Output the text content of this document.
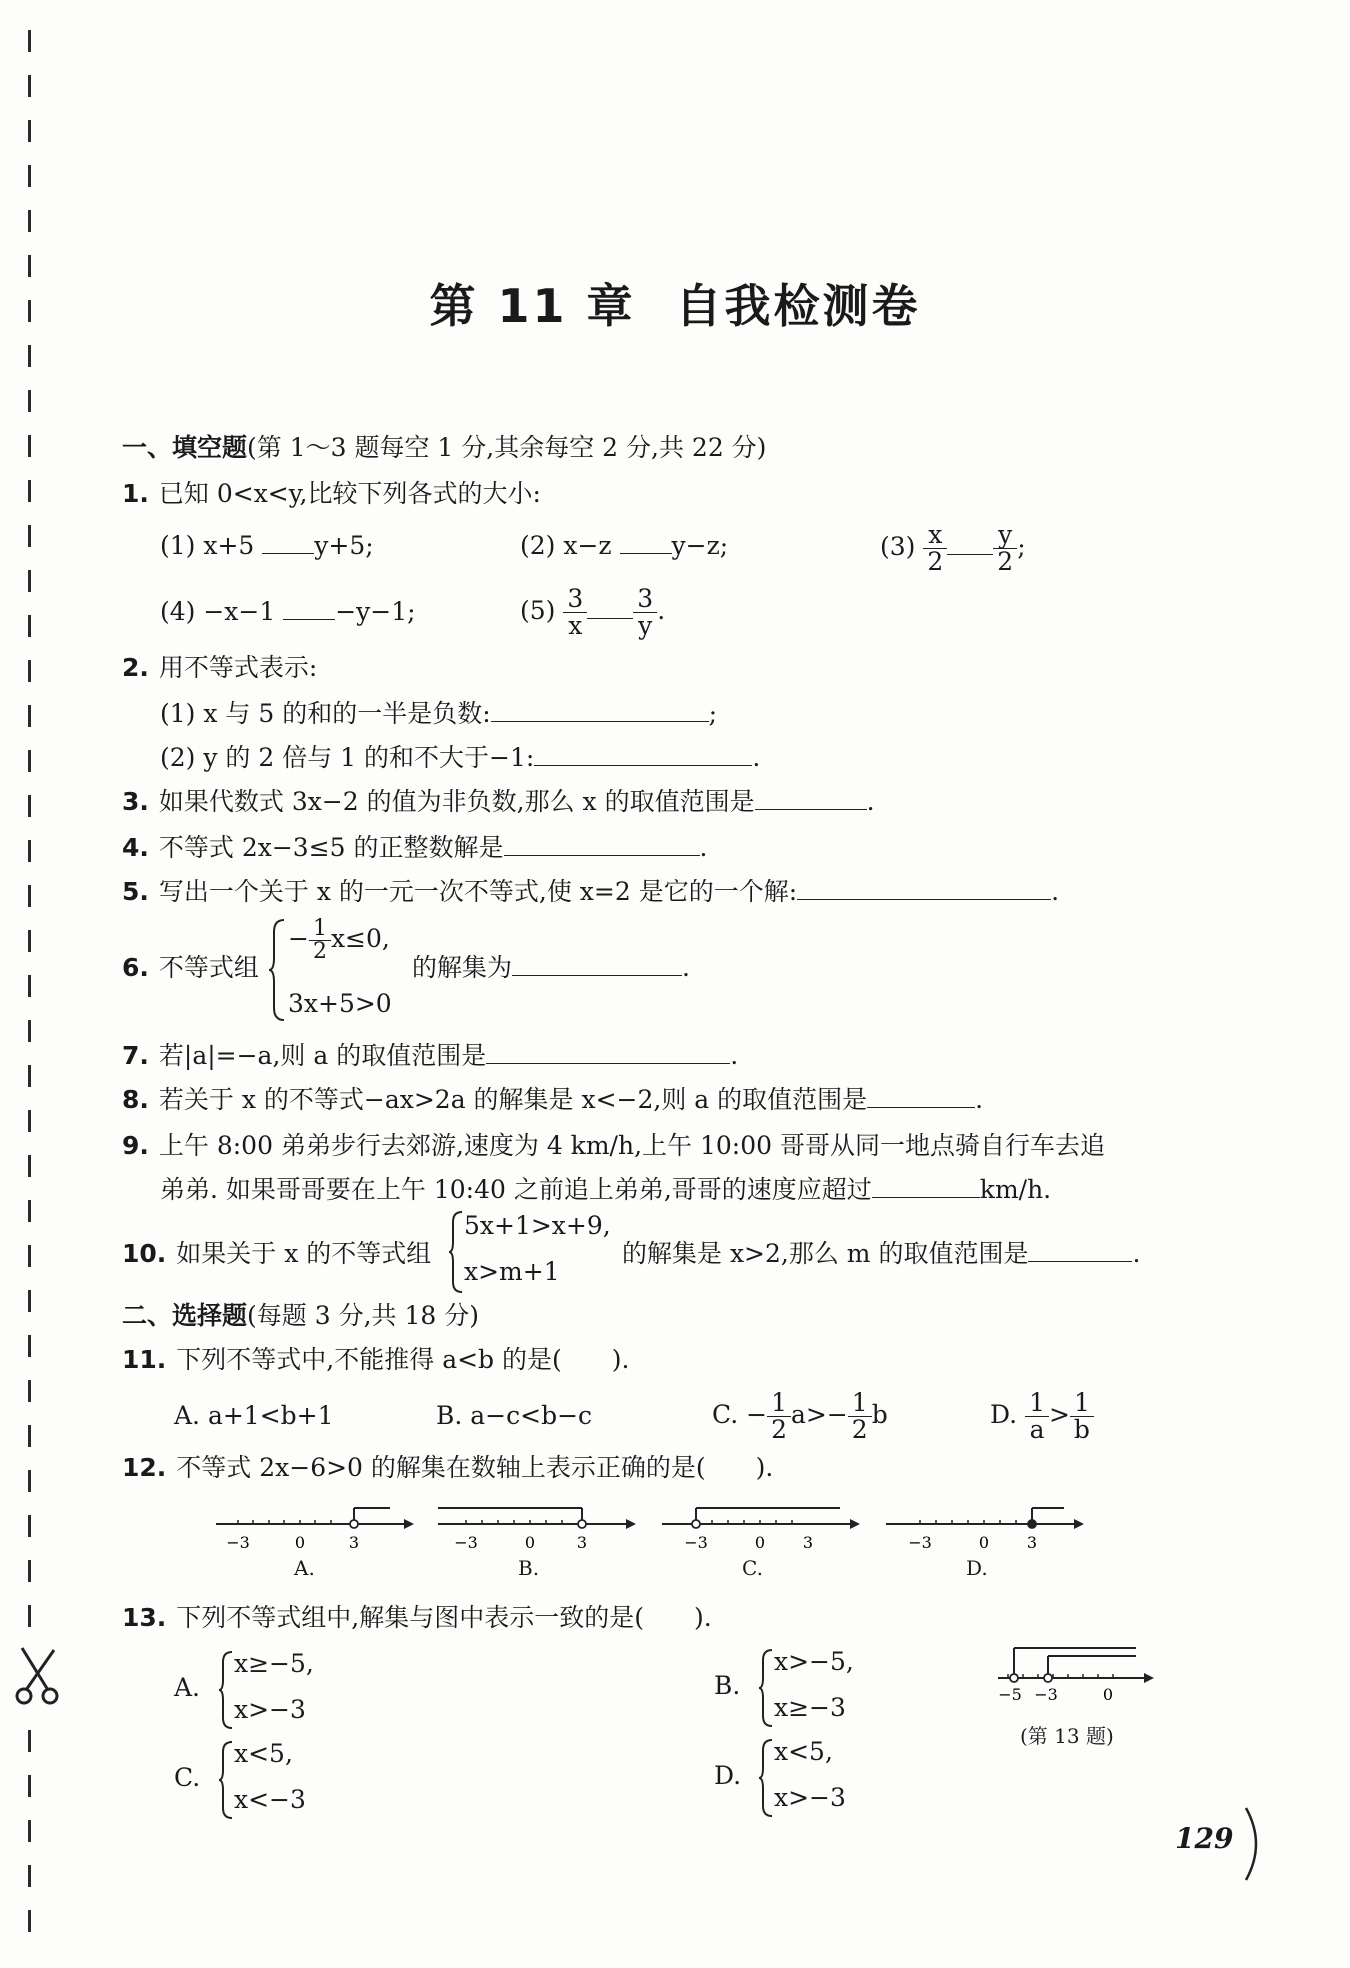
第 11 章 自我检测卷
一、填空题(第 1～3 题每空 1 分,其余每空 2 分,共 22 分)
1. 已知 0<x<y,比较下列各式的大小:
(1) x+5 y+5;	(2) x−z y−z;	$(3) \frac{x}{2} \frac{y}{2}$ ;
(4) −x−1 −y−1;	$(5) \frac{3}{x} \frac{3}{y}$ .
2. 用不等式表示:
(1) x 与 5 的和的一半是负数:	;
(2) y 的 2 倍与 1 的和不大于−1:	.
3. 如果代数式 3x−2 的值为非负数,那么 x 的取值范围是	.
4. 不等式 2x−3≤5 的正整数解是	.
5. 写出一个关于 x 的一元一次不等式,使 x=2 是它的一个解:	.
6. 不等式组
− $\frac{1}{2} x\le 0$,
3x+5>0
的解集为	.
7. 若|a|=−a,则 a 的取值范围是	.
8. 若关于 x 的不等式−ax>2a 的解集是 x<−2,则 a 的取值范围是	.
9. 上午 8:00 弟弟步行去郊游,速度为 4 km/h,上午 10:00 哥哥从同一地点骑自行车去追
弟弟. 如果哥哥要在上午 10:40 之前追上弟弟,哥哥的速度应超过	km/h.
10. 如果关于 x 的不等式组
5x+1>x+9,
x>m+1
的解集是 x>2,那么 m 的取值范围是	.
二、选择题(每题 3 分,共 18 分)
11. 下列不等式中,不能推得 a<b 的是(　　).
A. a+1<b+1	B. a−c<b−c	C. − $\frac{1}{2} a>- \frac{1}{2}$ b	D. $\frac{1}{a} > \frac{1}{b}$
12. 不等式 2x−6>0 的解集在数轴上表示正确的是(　　).
−3	0	3
A.
−3	0	3
B.
−3	0 3
C.
−3	0 3
D.
13. 下列不等式组中,解集与图中表示一致的是(　　).
A.
x≥−5,
x>−3
B.
x>−5,
x≥−3
C.
x<5,
x<−3
D.
x<5,
x>−3
−5 −3	0
(第 13 题)
129
